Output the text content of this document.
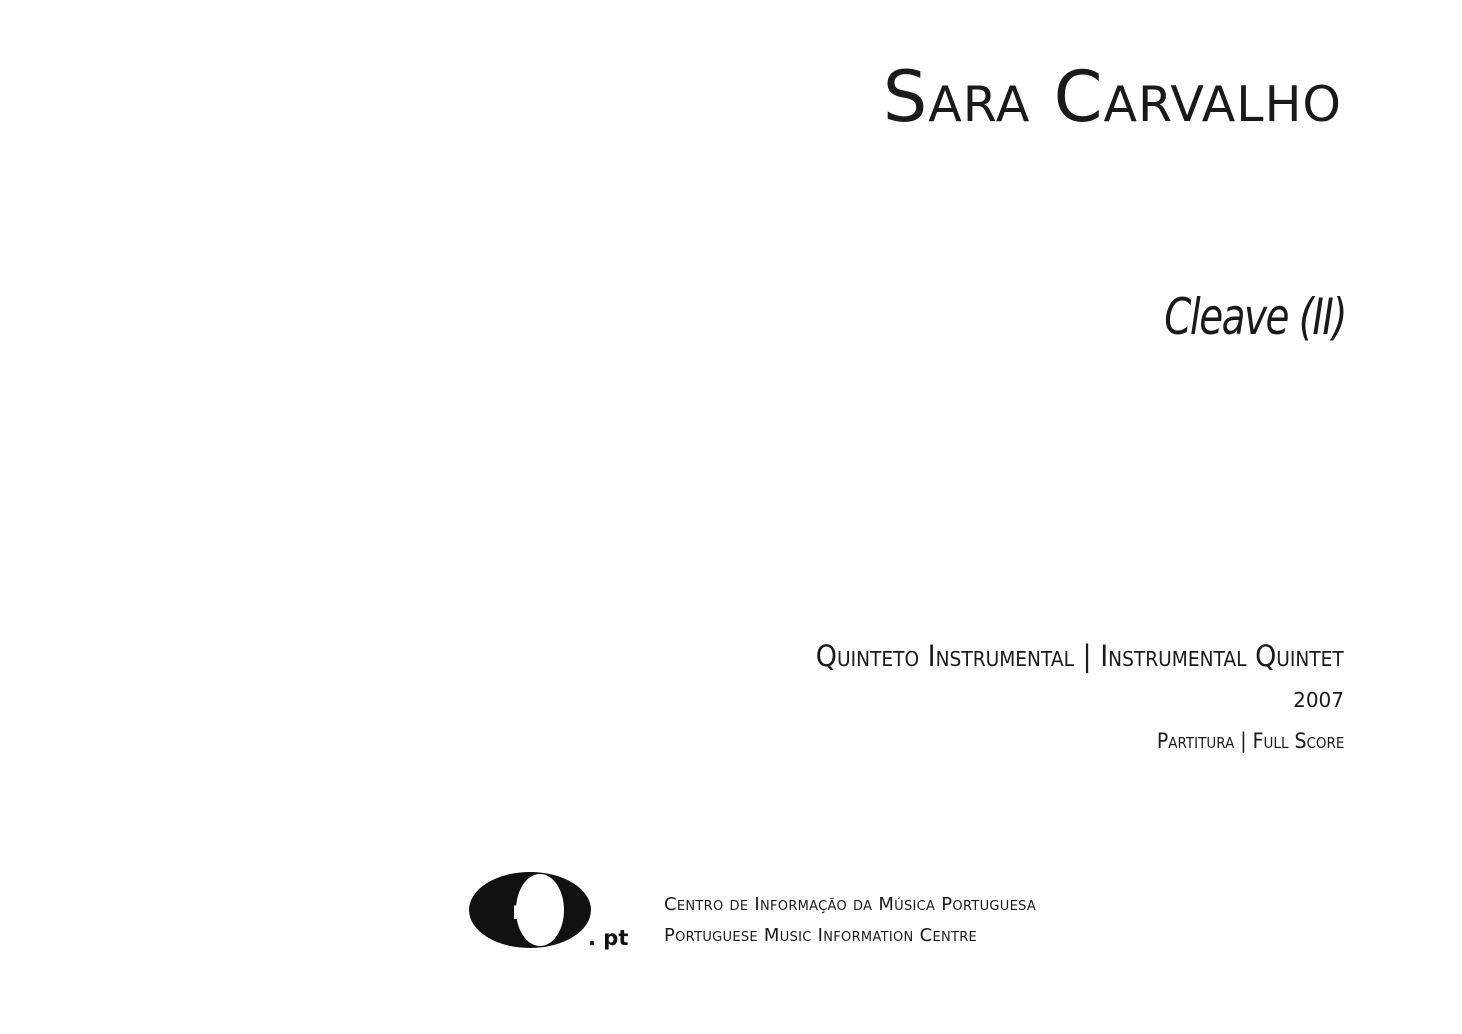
Sara Carvalho
Cleave (II)
Quinteto Instrumental | Instrumental Quintet
2007
Partitura | Full Score
mic
. pt
Centro de Informação da Música Portuguesa
Portuguese Music Information Centre
